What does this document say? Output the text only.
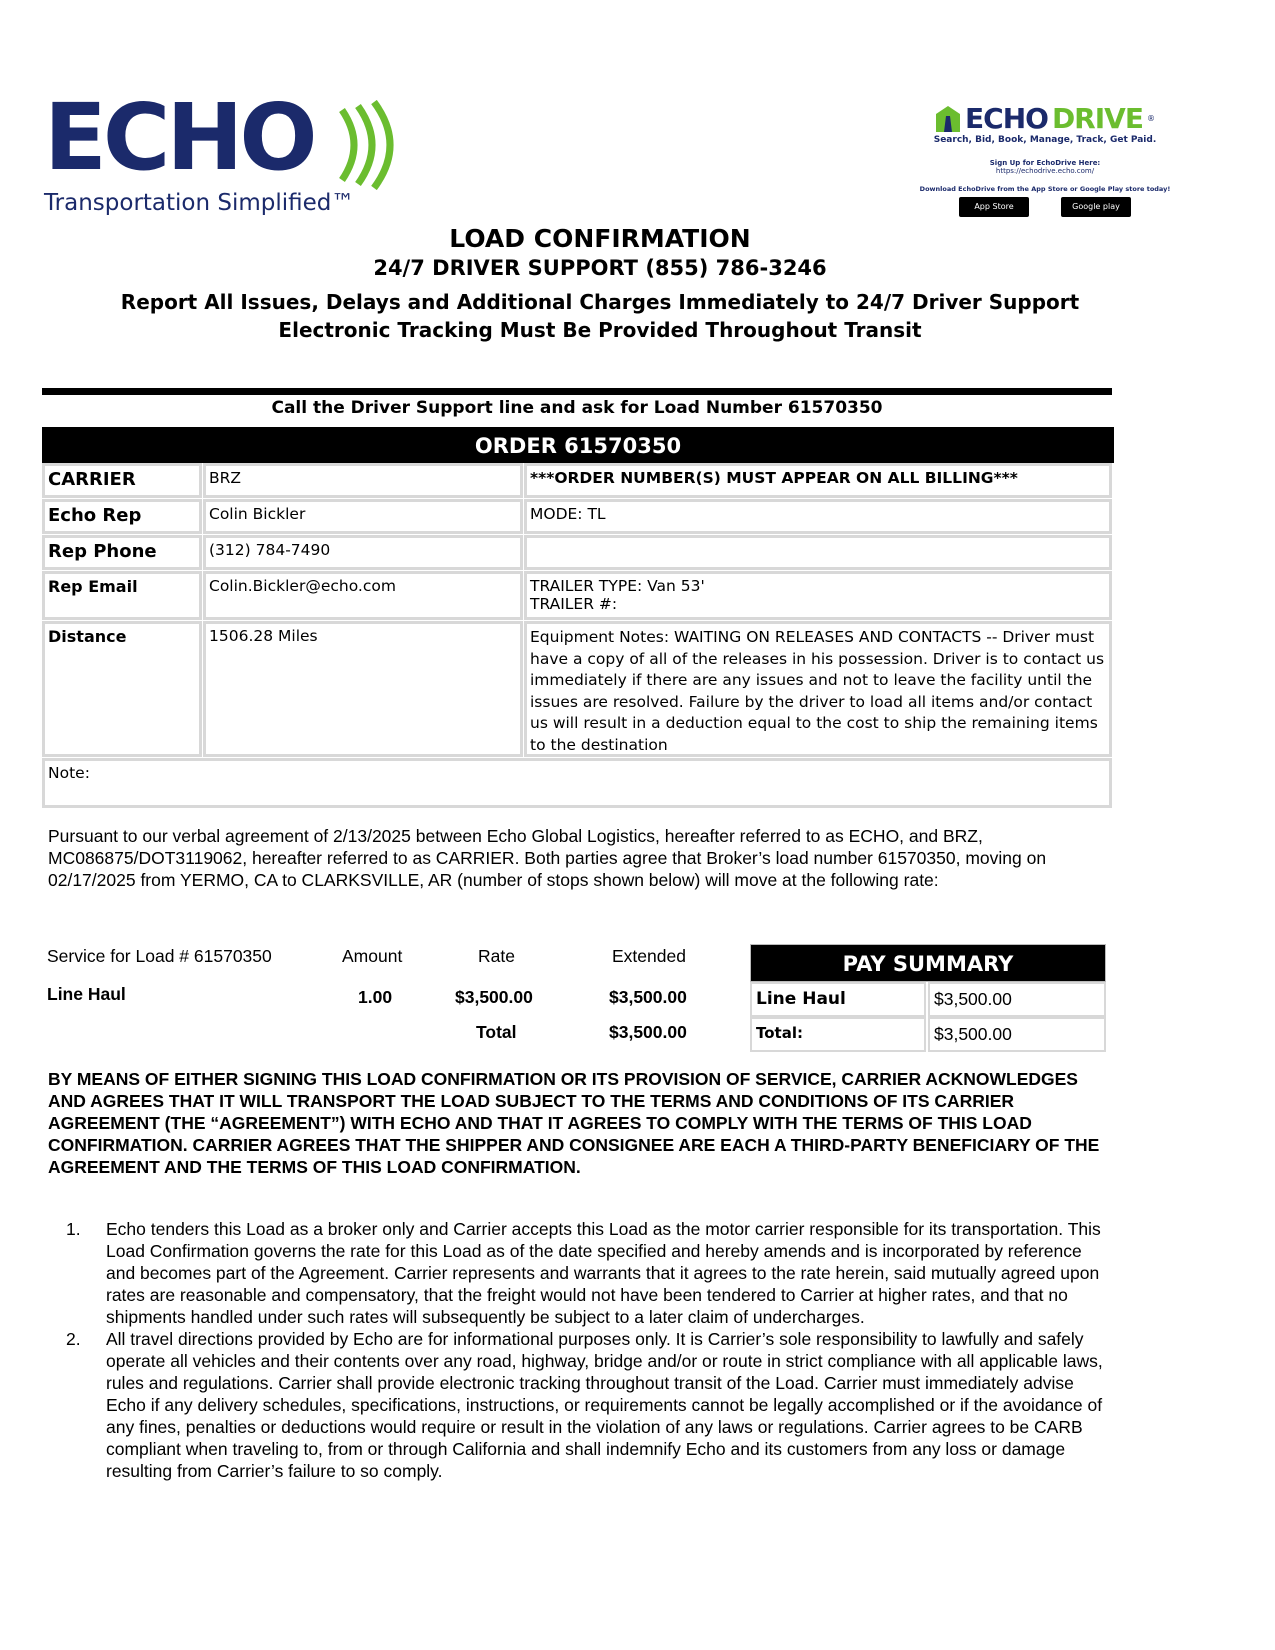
ECHO
Transportation Simplified™
ECHO DRIVE ®
Search, Bid, Book, Manage, Track, Get Paid.
Sign Up for EchoDrive Here:
https://echodrive.echo.com/
Download EchoDrive from the App Store or Google Play store today!
App Store	Google play
LOAD CONFIRMATION
24/7 DRIVER SUPPORT (855) 786-3246
Report All Issues, Delays and Additional Charges Immediately to 24/7 Driver Support
Electronic Tracking Must Be Provided Throughout Transit
Call the Driver Support line and ask for Load Number 61570350
ORDER 61570350
CARRIER	BRZ	***ORDER NUMBER(S) MUST APPEAR ON ALL BILLING***
Echo Rep	Colin Bickler	MODE: TL
Rep Phone	(312) 784-7490
Rep Email	Colin.Bickler@echo.com	TRAILER TYPE: Van 53'
TRAILER #:
Distance	1506.28 Miles	Equipment Notes: WAITING ON RELEASES AND CONTACTS -- Driver must have a copy of all of the releases in his possession. Driver is to contact us immediately if there are any issues and not to leave the facility until the issues are resolved. Failure by the driver to load all items and/or contact us will result in a deduction equal to the cost to ship the remaining items to the destination
Note:
Pursuant to our verbal agreement of 2/13/2025 between Echo Global Logistics, hereafter referred to as ECHO, and BRZ, MC086875/DOT3119062, hereafter referred to as CARRIER. Both parties agree that Broker’s load number 61570350, moving on 02/17/2025 from YERMO, CA to CLARKSVILLE, AR (number of stops shown below) will move at the following rate:
Service for Load # 61570350	Amount	Rate	Extended
Line Haul	1.00	$3,500.00	$3,500.00
Total	$3,500.00
PAY SUMMARY
Line Haul	$3,500.00
Total:	$3,500.00
BY MEANS OF EITHER SIGNING THIS LOAD CONFIRMATION OR ITS PROVISION OF SERVICE, CARRIER ACKNOWLEDGES AND AGREES THAT IT WILL TRANSPORT THE LOAD SUBJECT TO THE TERMS AND CONDITIONS OF ITS CARRIER AGREEMENT (THE “AGREEMENT”) WITH ECHO AND THAT IT AGREES TO COMPLY WITH THE TERMS OF THIS LOAD CONFIRMATION. CARRIER AGREES THAT THE SHIPPER AND CONSIGNEE ARE EACH A THIRD-PARTY BENEFICIARY OF THE AGREEMENT AND THE TERMS OF THIS LOAD CONFIRMATION.
1.	Echo tenders this Load as a broker only and Carrier accepts this Load as the motor carrier responsible for its transportation. This Load Confirmation governs the rate for this Load as of the date specified and hereby amends and is incorporated by reference and becomes part of the Agreement. Carrier represents and warrants that it agrees to the rate herein, said mutually agreed upon rates are reasonable and compensatory, that the freight would not have been tendered to Carrier at higher rates, and that no shipments handled under such rates will subsequently be subject to a later claim of undercharges.
2.	All travel directions provided by Echo are for informational purposes only. It is Carrier’s sole responsibility to lawfully and safely operate all vehicles and their contents over any road, highway, bridge and/or or route in strict compliance with all applicable laws, rules and regulations. Carrier shall provide electronic tracking throughout transit of the Load. Carrier must immediately advise Echo if any delivery schedules, specifications, instructions, or requirements cannot be legally accomplished or if the avoidance of any fines, penalties or deductions would require or result in the violation of any laws or regulations. Carrier agrees to be CARB compliant when traveling to, from or through California and shall indemnify Echo and its customers from any loss or damage resulting from Carrier’s failure to so comply.
